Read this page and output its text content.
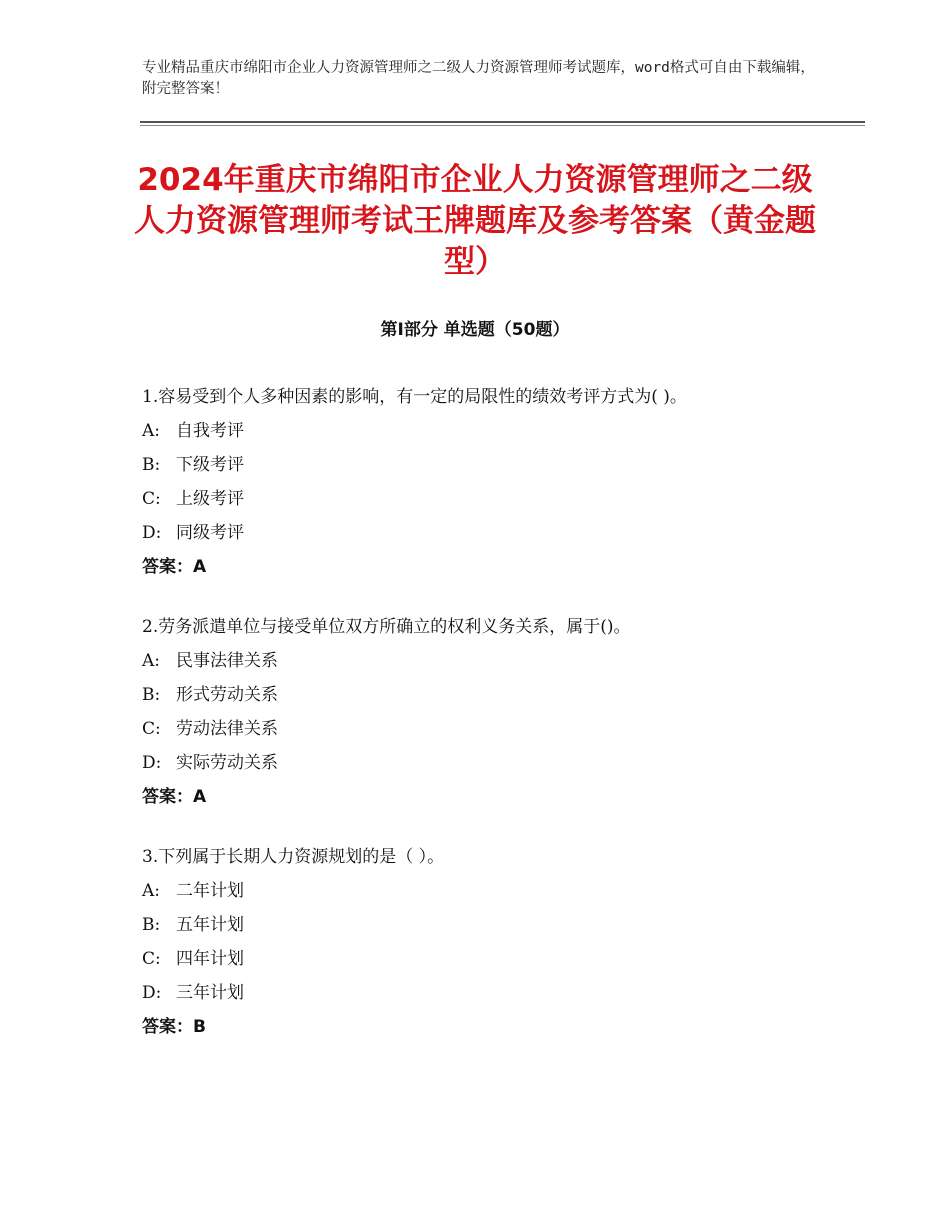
专业精品重庆市绵阳市企业人力资源管理师之二级人力资源管理师考试题库，word格式可自由下载编辑，附完整答案！
2024年重庆市绵阳市企业人力资源管理师之二级人力资源管理师考试王牌题库及参考答案（黄金题型）
第Ⅰ部分 单选题（50题）

1.容易受到个人多种因素的影响，有一定的局限性的绩效考评方式为( )。

A: 自我考评

B: 下级考评

C: 上级考评

D: 同级考评

答案：A

2.劳务派遣单位与接受单位双方所确立的权利义务关系，属于()。

A: 民事法律关系

B: 形式劳动关系

C: 劳动法律关系

D: 实际劳动关系

答案：A

3.下列属于长期人力资源规划的是（ ）。

A: 二年计划

B: 五年计划

C: 四年计划

D: 三年计划

答案：B
